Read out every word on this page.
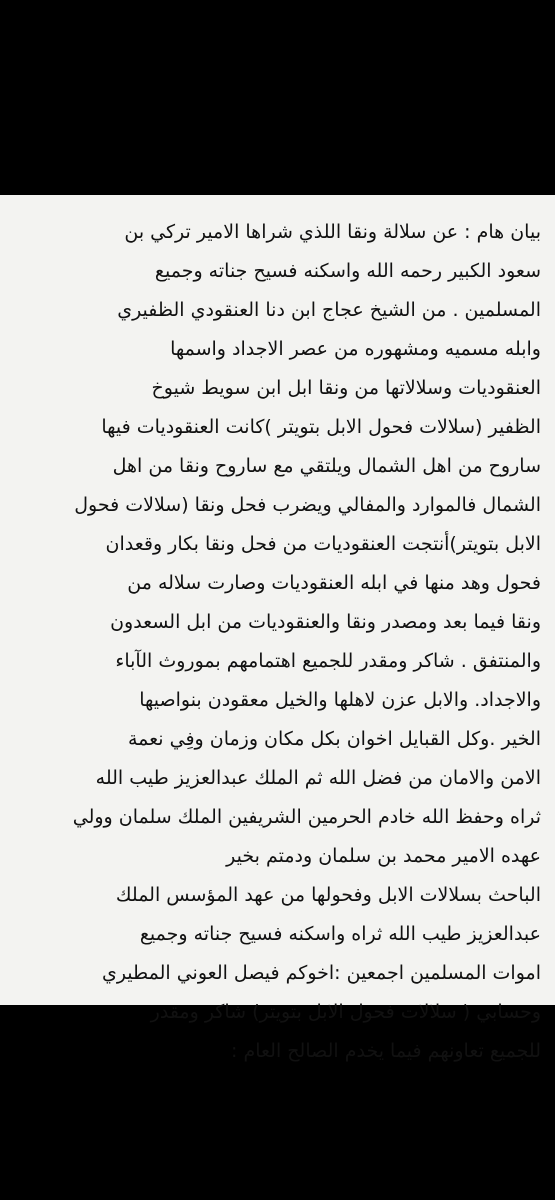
بيان هام : عن سلالة ونقا اللذي شراها الامير تركي بن
سعود الكبير رحمه الله واسكنه فسيح جناته وجميع
المسلمين . من الشيخ عجاج ابن دنا العنقودي الظفيري
وابله مسميه ومشهوره من عصر الاجداد واسمها
العنقوديات وسلالاتها من ونقا ابل ابن سويط شيوخ
الظفير (سلالات فحول الابل بتويتر )كانت العنقوديات فيها
ساروح من اهل الشمال ويلتقي مع ساروح ونقا من اهل
الشمال فالموارد والمفالي ويضرب فحل ونقا (سلالات فحول
الابل بتويتر)أنتجت العنقوديات من فحل ونقا بكار وقعدان
فحول وهد منها في ابله العنقوديات وصارت سلاله من
ونقا فيما بعد ومصدر ونقا والعنقوديات من ابل السعدون
والمنتفق . شاكر ومقدر للجميع اهتمامهم بموروث الآباء
والاجداد. والابل عزن لاهلها والخيل معقودن بنواصيها
الخير .وكل القبايل اخوان بكل مكان وزمان وفِي نعمة
الامن والامان من فضل الله ثم الملك عبدالعزيز طيب الله
ثراه وحفظ الله خادم الحرمين الشريفين الملك سلمان وولي
عهده الامير محمد بن سلمان ودمتم بخير
الباحث بسلالات الابل وفحولها من عهد المؤسس الملك
عبدالعزيز طيب الله ثراه واسكنه فسيح جناته وجميع
اموات المسلمين اجمعين :اخوكم فيصل العوني المطيري
وحسابي ( سلالات فحول الابل بتويتر) شاكر ومقدر
للجميع تعاونهم فيما يخدم الصالح العام :
